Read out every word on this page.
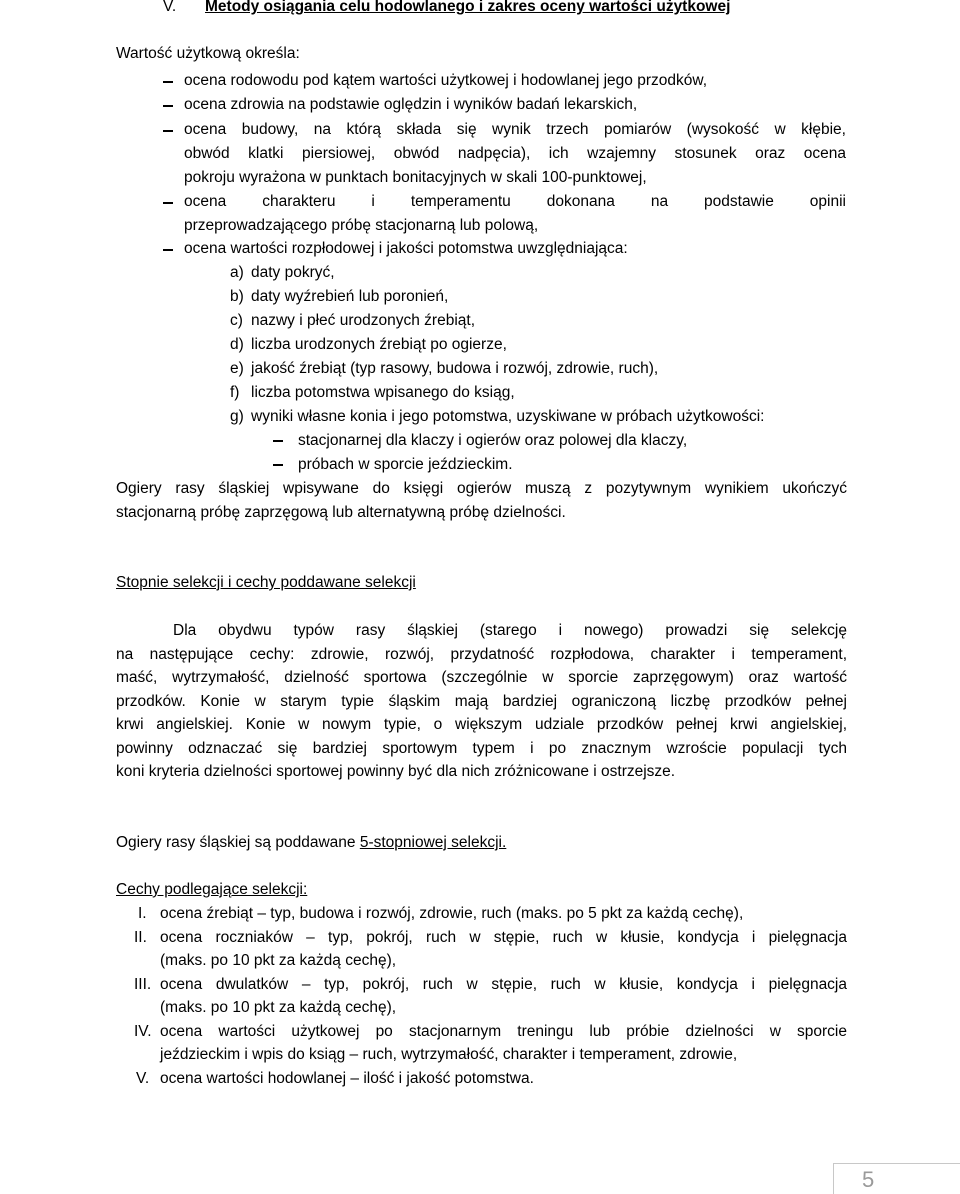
V. Metody osiągania celu hodowlanego i zakres oceny wartości użytkowej
Wartość użytkową określa:
ocena rodowodu pod kątem wartości użytkowej i hodowlanej jego przodków,
ocena zdrowia na podstawie oględzin i wyników badań lekarskich,
ocena budowy, na którą składa się wynik trzech pomiarów (wysokość w kłębie,
obwód klatki piersiowej, obwód nadpęcia), ich wzajemny stosunek oraz ocena
pokroju wyrażona w punktach bonitacyjnych w skali 100-punktowej,
ocena charakteru i temperamentu dokonana na podstawie opinii
przeprowadzającego próbę stacjonarną lub polową,
ocena wartości rozpłodowej i jakości potomstwa uwzględniająca:
a) daty pokryć,
b) daty wyźrebień lub poronień,
c) nazwy i płeć urodzonych źrebiąt,
d) liczba urodzonych źrebiąt po ogierze,
e) jakość źrebiąt (typ rasowy, budowa i rozwój, zdrowie, ruch),
f) liczba potomstwa wpisanego do ksiąg,
g) wyniki własne konia i jego potomstwa, uzyskiwane w próbach użytkowości:
stacjonarnej dla klaczy i ogierów oraz polowej dla klaczy,
próbach w sporcie jeździeckim.
Ogiery rasy śląskiej wpisywane do księgi ogierów muszą z pozytywnym wynikiem ukończyć
stacjonarną próbę zaprzęgową lub alternatywną próbę dzielności.
Stopnie selekcji i cechy poddawane selekcji
Dla obydwu typów rasy śląskiej (starego i nowego) prowadzi się selekcję
na następujące cechy: zdrowie, rozwój, przydatność rozpłodowa, charakter i temperament,
maść, wytrzymałość, dzielność sportowa (szczególnie w sporcie zaprzęgowym) oraz wartość
przodków. Konie w starym typie śląskim mają bardziej ograniczoną liczbę przodków pełnej
krwi angielskiej. Konie w nowym typie, o większym udziale przodków pełnej krwi angielskiej,
powinny odznaczać się bardziej sportowym typem i po znacznym wzroście populacji tych
koni kryteria dzielności sportowej powinny być dla nich zróżnicowane i ostrzejsze.
Ogiery rasy śląskiej są poddawane 5-stopniowej selekcji.
Cechy podlegające selekcji:
I. ocena źrebiąt – typ, budowa i rozwój, zdrowie, ruch (maks. po 5 pkt za każdą cechę),
II. ocena roczniaków – typ, pokrój, ruch w stępie, ruch w kłusie, kondycja i pielęgnacja
(maks. po 10 pkt za każdą cechę),
III. ocena dwulatków – typ, pokrój, ruch w stępie, ruch w kłusie, kondycja i pielęgnacja
(maks. po 10 pkt za każdą cechę),
IV. ocena wartości użytkowej po stacjonarnym treningu lub próbie dzielności w sporcie
jeździeckim i wpis do ksiąg – ruch, wytrzymałość, charakter i temperament, zdrowie,
V. ocena wartości hodowlanej – ilość i jakość potomstwa.
5
